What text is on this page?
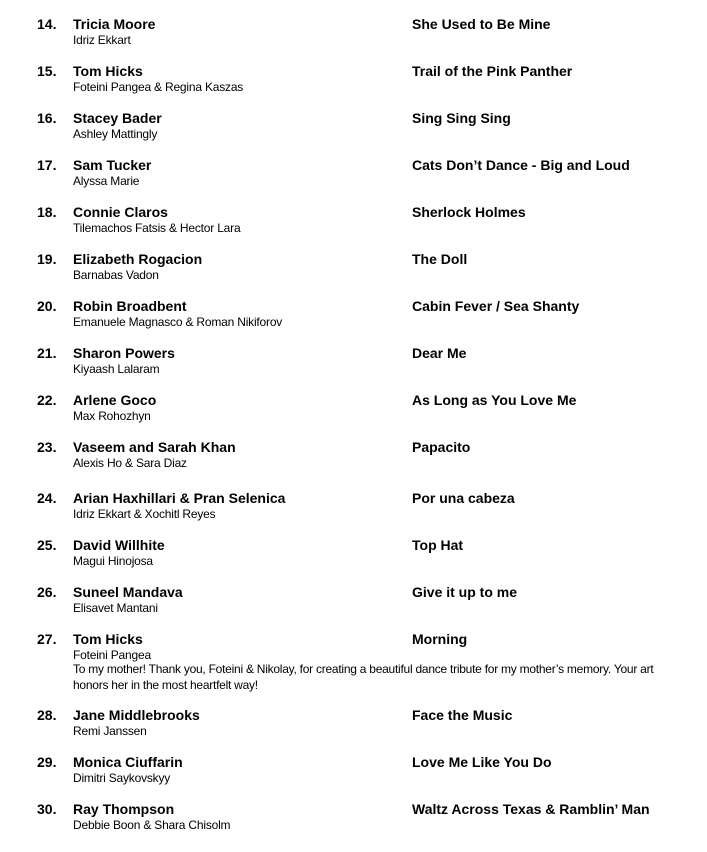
14. Tricia Moore	She Used to Be Mine
Idriz Ekkart
15. Tom Hicks	Trail of the Pink Panther
Foteini Pangea & Regina Kaszas
16. Stacey Bader	Sing Sing Sing
Ashley Mattingly
17. Sam Tucker	Cats Don’t Dance - Big and Loud
Alyssa Marie
18. Connie Claros	Sherlock Holmes
Tilemachos Fatsis & Hector Lara
19. Elizabeth Rogacion	The Doll
Barnabas Vadon
20. Robin Broadbent	Cabin Fever / Sea Shanty
Emanuele Magnasco & Roman Nikiforov
21. Sharon Powers	Dear Me
Kiyaash Lalaram
22. Arlene Goco	As Long as You Love Me
Max Rohozhyn
23. Vaseem and Sarah Khan	Papacito
Alexis Ho & Sara Diaz
24. Arian Haxhillari & Pran Selenica	Por una cabeza
Idriz Ekkart & Xochitl Reyes
25. David Willhite	Top Hat
Magui Hinojosa
26. Suneel Mandava	Give it up to me
Elisavet Mantani
27. Tom Hicks	Morning
Foteini Pangea
To my mother! Thank you, Foteini & Nikolay, for creating a beautiful dance tribute for my mother’s memory. Your art honors her in the most heartfelt way!
28. Jane Middlebrooks	Face the Music
Remi Janssen
29. Monica Ciuffarin	Love Me Like You Do
Dimitri Saykovskyy
30. Ray Thompson	Waltz Across Texas & Ramblin’ Man
Debbie Boon & Shara Chisolm
